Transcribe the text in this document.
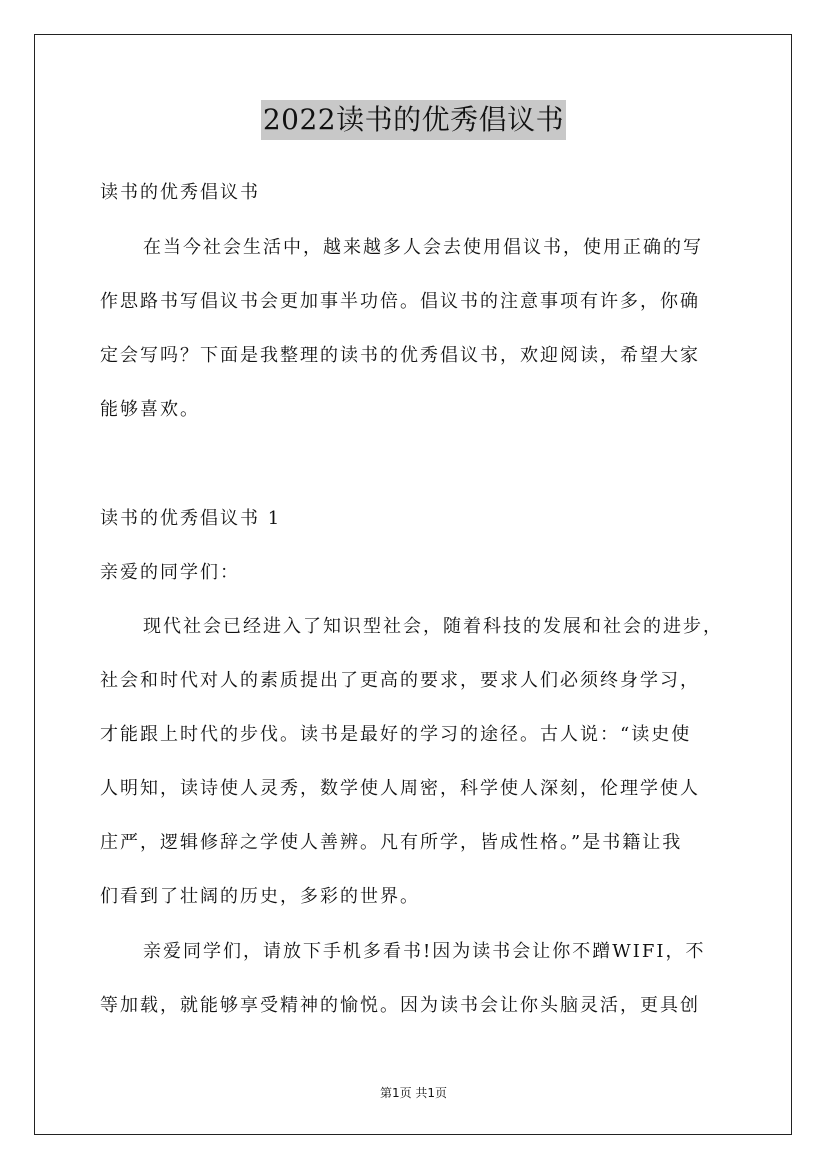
2022读书的优秀倡议书
读书的优秀倡议书
在当今社会生活中，越来越多人会去使用倡议书，使用正确的写
作思路书写倡议书会更加事半功倍。倡议书的注意事项有许多，你确
定会写吗？下面是我整理的读书的优秀倡议书，欢迎阅读，希望大家
能够喜欢。
读书的优秀倡议书 1
亲爱的同学们：
现代社会已经进入了知识型社会，随着科技的发展和社会的进步，
社会和时代对人的素质提出了更高的要求，要求人们必须终身学习，
才能跟上时代的步伐。读书是最好的学习的途径。古人说：“读史使
人明知，读诗使人灵秀，数学使人周密，科学使人深刻，伦理学使人
庄严，逻辑修辞之学使人善辨。凡有所学，皆成性格。”是书籍让我
们看到了壮阔的历史，多彩的世界。
亲爱同学们，请放下手机多看书!因为读书会让你不蹭WIFI，不
等加载，就能够享受精神的愉悦。因为读书会让你头脑灵活，更具创
第1页 共1页
